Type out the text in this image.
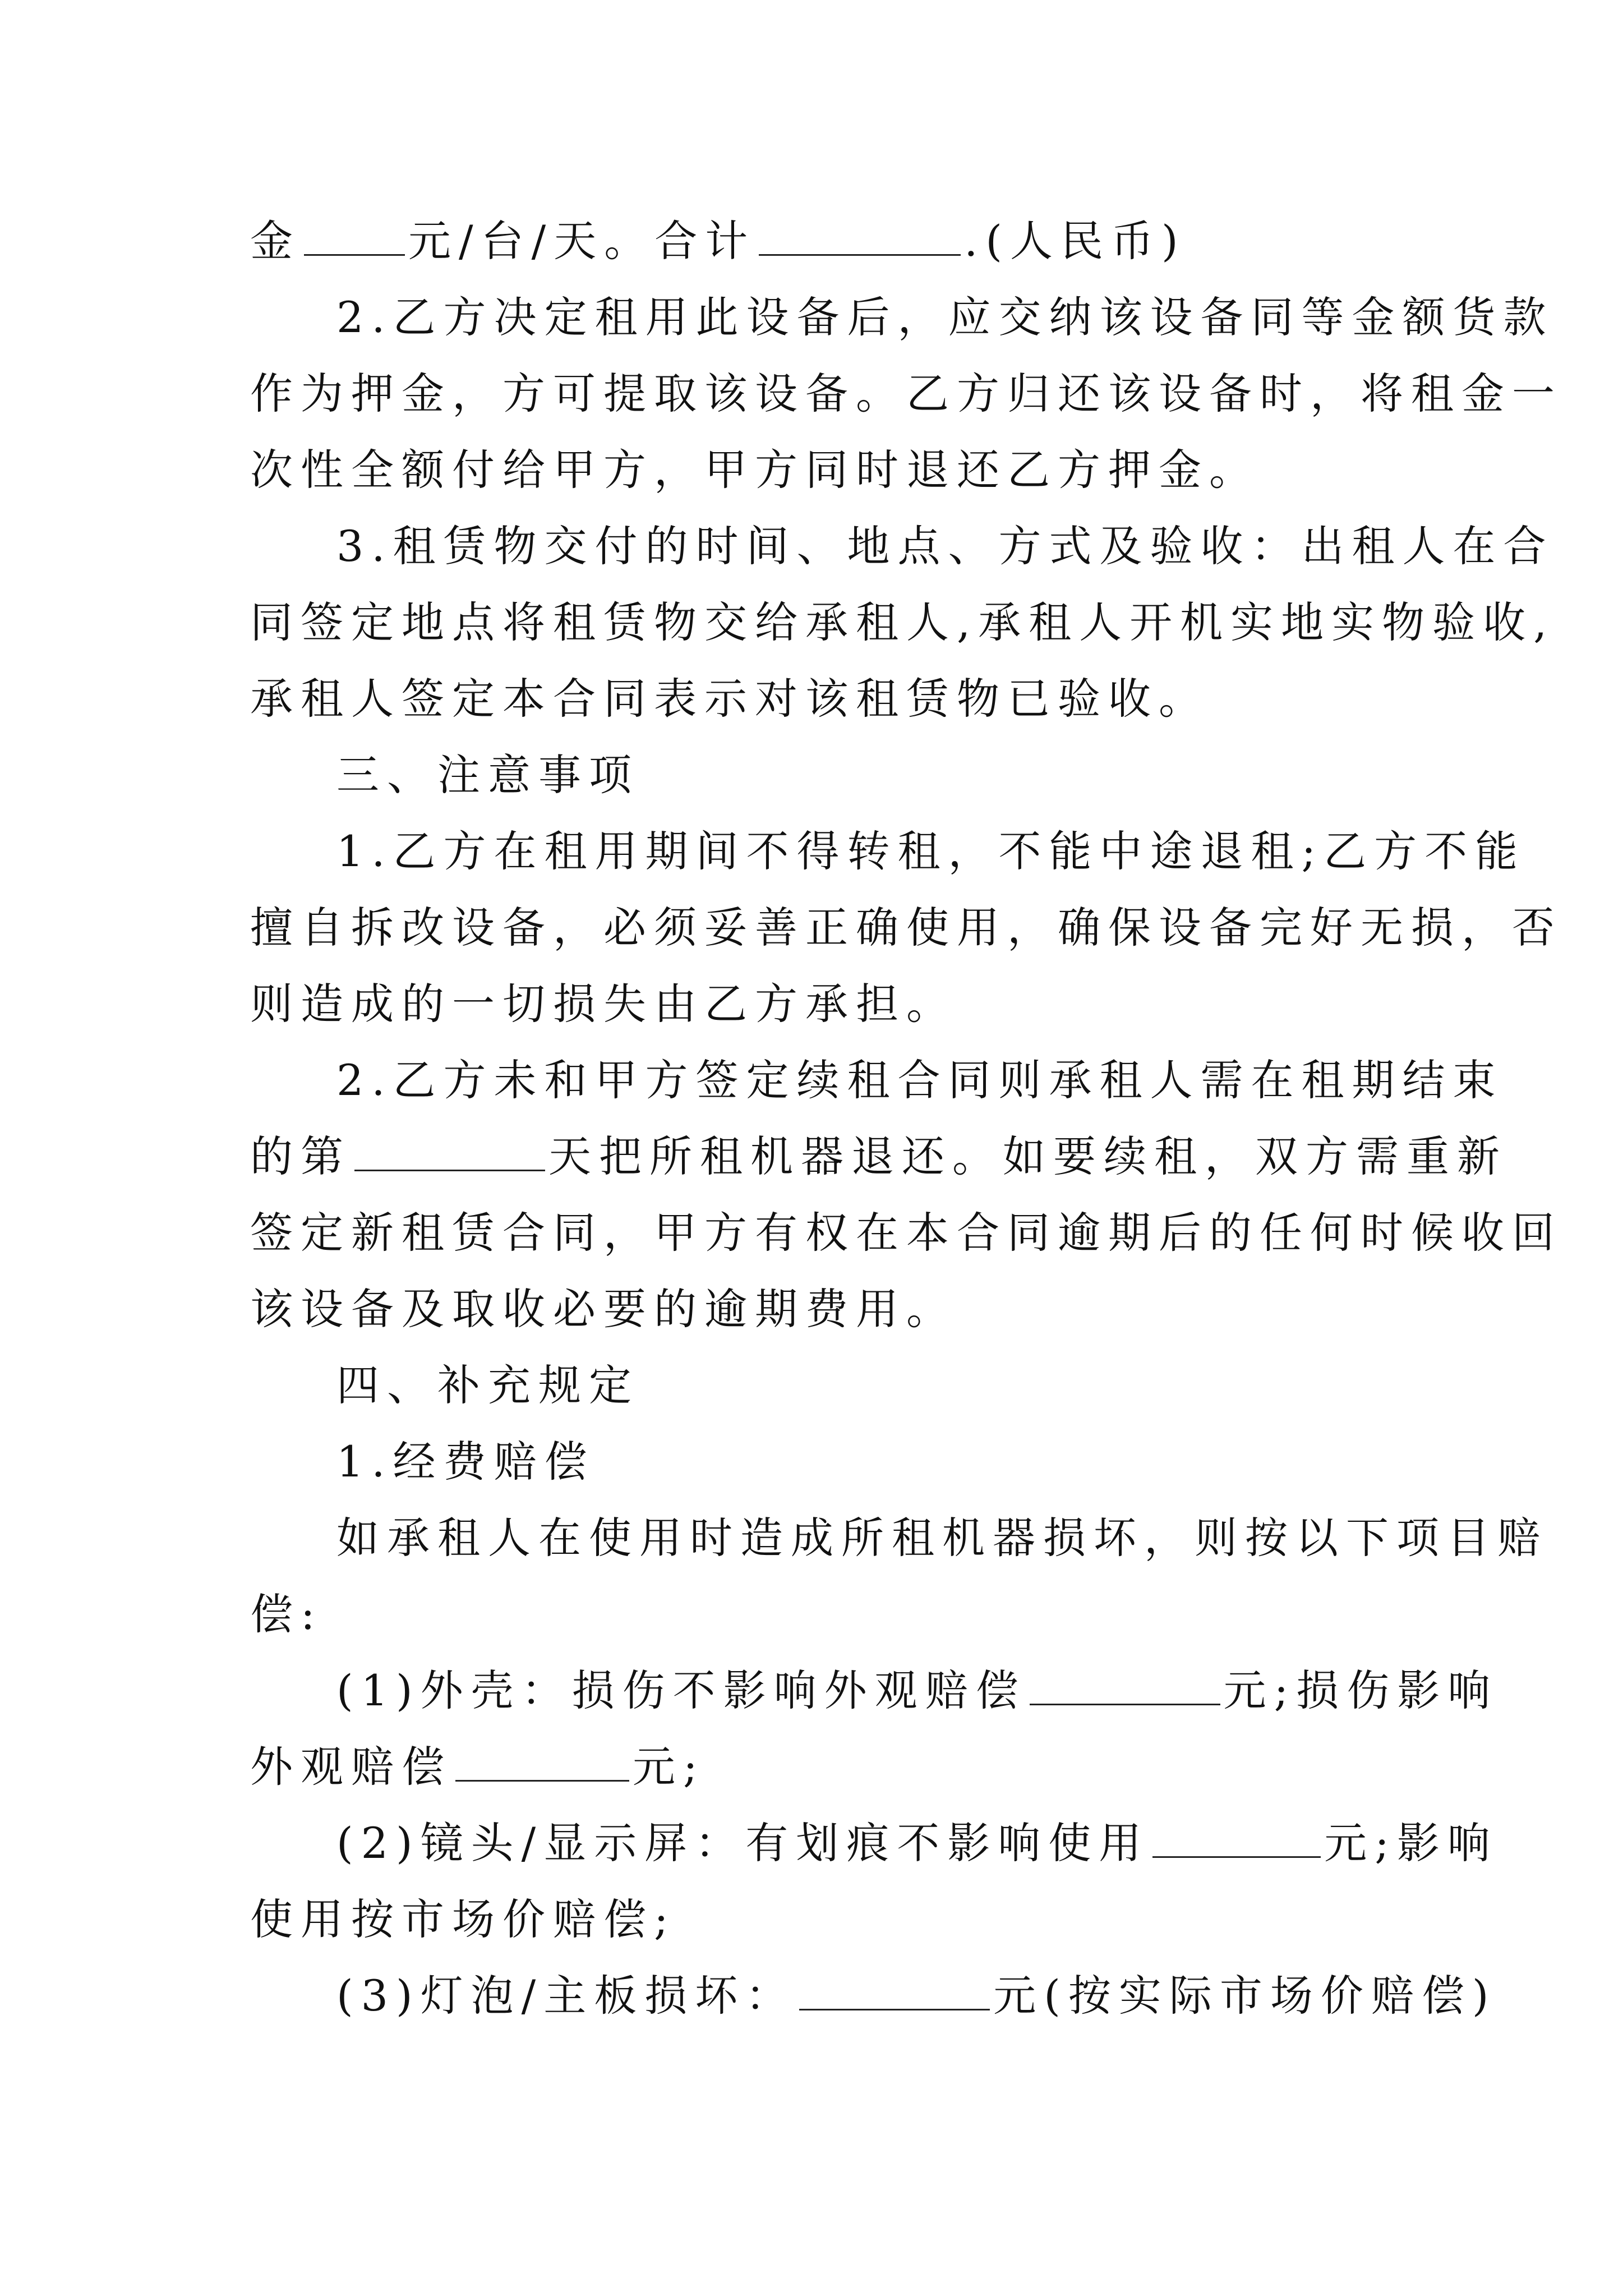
金	元/台/天。合计	.(人民币)
2.乙方决定租用此设备后，应交纳该设备同等金额货款
作为押金，方可提取该设备。乙方归还该设备时，将租金一
次性全额付给甲方，甲方同时退还乙方押金。
3.租赁物交付的时间、地点、方式及验收：出租人在合
同签定地点将租赁物交给承租人,承租人开机实地实物验收,
承租人签定本合同表示对该租赁物已验收。
三、注意事项
1.乙方在租用期间不得转租，不能中途退租;乙方不能
擅自拆改设备，必须妥善正确使用，确保设备完好无损，否
则造成的一切损失由乙方承担。
2.乙方未和甲方签定续租合同则承租人需在租期结束
的第	天把所租机器退还。如要续租，双方需重新
签定新租赁合同，甲方有权在本合同逾期后的任何时候收回
该设备及取收必要的逾期费用。
四、补充规定
1.经费赔偿
如承租人在使用时造成所租机器损坏，则按以下项目赔
偿:
(1)外壳：损伤不影响外观赔偿	元;损伤影响
外观赔偿	元;
(2)镜头/显示屏：有划痕不影响使用	元;影响
使用按市场价赔偿;
(3)灯泡/主板损坏：	元(按实际市场价赔偿)
